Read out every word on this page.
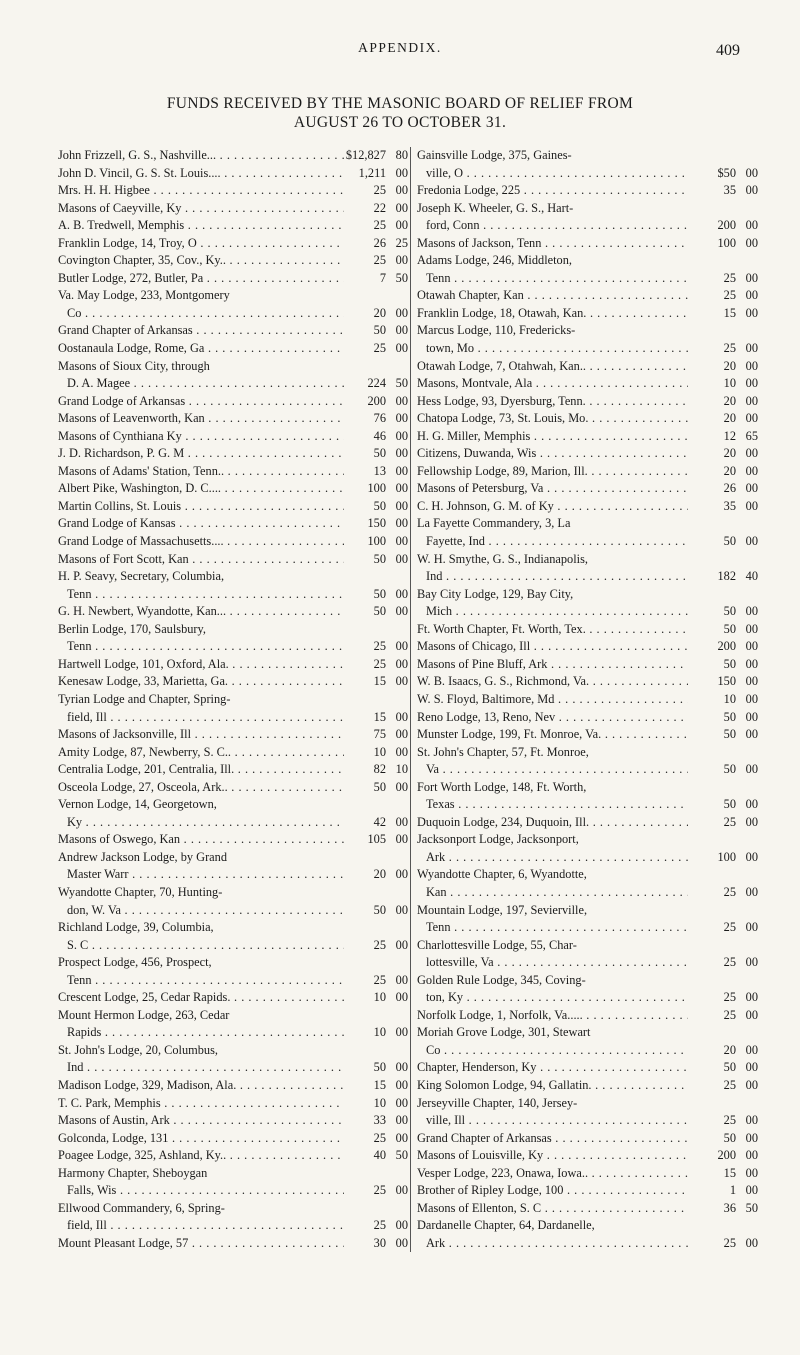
APPENDIX.	409
FUNDS RECEIVED BY THE MASONIC BOARD OF RELIEF FROM
AUGUST 26 TO OCTOBER 31.
John Frizzell, G. S., Nashville... . . .	$12,827 80
John D. Vincil, G. S. St. Louis.... . . .	1,211 00
Mrs. H. H. Higbee . . .	25 00
Masons of Caeyville, Ky . . .	22 00
A. B. Tredwell, Memphis . . .	25 00
Franklin Lodge, 14, Troy, O . . .	26 25
Covington Chapter, 35, Cov., Ky.. . . .	25 00
Butler Lodge, 272, Butler, Pa . . .	7 50
Va. May Lodge, 233, Montgomery
Co . . .	20 00
Grand Chapter of Arkansas . . .	50 00
Oostanaula Lodge, Rome, Ga . . .	25 00
Masons of Sioux City, through
D. A. Magee . . .	224 50
Grand Lodge of Arkansas . . .	200 00
Masons of Leavenworth, Kan . . .	76 00
Masons of Cynthiana Ky . . .	46 00
J. D. Richardson, P. G. M . . .	50 00
Masons of Adams' Station, Tenn.. . . .	13 00
Albert Pike, Washington, D. C.... . . .	100 00
Martin Collins, St. Louis . . .	50 00
Grand Lodge of Kansas . . .	150 00
Grand Lodge of Massachusetts.... . . .	100 00
Masons of Fort Scott, Kan . . .	50 00
H. P. Seavy, Secretary, Columbia,
Tenn . . .	50 00
G. H. Newbert, Wyandotte, Kan... . . .	50 00
Berlin Lodge, 170, Saulsbury,
Tenn . . .	25 00
Hartwell Lodge, 101, Oxford, Ala. . . .	25 00
Kenesaw Lodge, 33, Marietta, Ga. . . .	15 00
Tyrian Lodge and Chapter, Spring-
field, Ill . . .	15 00
Masons of Jacksonville, Ill . . .	75 00
Amity Lodge, 87, Newberry, S. C.. . . .	10 00
Centralia Lodge, 201, Centralia, Ill. . . .	82 10
Osceola Lodge, 27, Osceola, Ark.. . . .	50 00
Vernon Lodge, 14, Georgetown,
Ky . . .	42 00
Masons of Oswego, Kan . . .	105 00
Andrew Jackson Lodge, by Grand
Master Warr . . .	20 00
Wyandotte Chapter, 70, Hunting-
don, W. Va . . .	50 00
Richland Lodge, 39, Columbia,
S. C . . .	25 00
Prospect Lodge, 456, Prospect,
Tenn . . .	25 00
Crescent Lodge, 25, Cedar Rapids. . . .	10 00
Mount Hermon Lodge, 263, Cedar
Rapids . . .	10 00
St. John's Lodge, 20, Columbus,
Ind . . .	50 00
Madison Lodge, 329, Madison, Ala. . . .	15 00
T. C. Park, Memphis . . .	10 00
Masons of Austin, Ark . . .	33 00
Golconda, Lodge, 131 . . .	25 00
Poagee Lodge, 325, Ashland, Ky.. . . .	40 50
Harmony Chapter, Sheboygan
Falls, Wis . . .	25 00
Ellwood Commandery, 6, Spring-
field, Ill . . .	25 00
Mount Pleasant Lodge, 57 . . .	30 00
Gainsville Lodge, 375, Gaines-
ville, O . . .	$50 00
Fredonia Lodge, 225 . . .	35 00
Joseph K. Wheeler, G. S., Hart-
ford, Conn . . .	200 00
Masons of Jackson, Tenn . . .	100 00
Adams Lodge, 246, Middleton,
Tenn . . .	25 00
Otawah Chapter, Kan . . .	25 00
Franklin Lodge, 18, Otawah, Kan. . . .	15 00
Marcus Lodge, 110, Fredericks-
town, Mo . . .	25 00
Otawah Lodge, 7, Otahwah, Kan.. . . .	20 00
Masons, Montvale, Ala . . .	10 00
Hess Lodge, 93, Dyersburg, Tenn. . . .	20 00
Chatopa Lodge, 73, St. Louis, Mo. . . .	20 00
H. G. Miller, Memphis . . .	12 65
Citizens, Duwanda, Wis . . .	20 00
Fellowship Lodge, 89, Marion, Ill. . . .	20 00
Masons of Petersburg, Va . . .	26 00
C. H. Johnson, G. M. of Ky . . .	35 00
La Fayette Commandery, 3, La
Fayette, Ind . . .	50 00
W. H. Smythe, G. S., Indianapolis,
Ind . . .	182 40
Bay City Lodge, 129, Bay City,
Mich . . .	50 00
Ft. Worth Chapter, Ft. Worth, Tex. . . .	50 00
Masons of Chicago, Ill . . .	200 00
Masons of Pine Bluff, Ark . . .	50 00
W. B. Isaacs, G. S., Richmond, Va. . . .	150 00
W. S. Floyd, Baltimore, Md . . .	10 00
Reno Lodge, 13, Reno, Nev . . .	50 00
Munster Lodge, 199, Ft. Monroe, Va. . . .	50 00
St. John's Chapter, 57, Ft. Monroe,
Va . . .	50 00
Fort Worth Lodge, 148, Ft. Worth,
Texas . . .	50 00
Duquoin Lodge, 234, Duquoin, Ill. . . .	25 00
Jacksonport Lodge, Jacksonport,
Ark . . .	100 00
Wyandotte Chapter, 6, Wyandotte,
Kan . . .	25 00
Mountain Lodge, 197, Sevierville,
Tenn . . .	25 00
Charlottesville Lodge, 55, Char-
lottesville, Va . . .	25 00
Golden Rule Lodge, 345, Coving-
ton, Ky . . .	25 00
Norfolk Lodge, 1, Norfolk, Va..... . . .	25 00
Moriah Grove Lodge, 301, Stewart
Co . . .	20 00
Chapter, Henderson, Ky . . .	50 00
King Solomon Lodge, 94, Gallatin. . . .	25 00
Jerseyville Chapter, 140, Jersey-
ville, Ill . . .	25 00
Grand Chapter of Arkansas . . .	50 00
Masons of Louisville, Ky . . .	200 00
Vesper Lodge, 223, Onawa, Iowa.. . . .	15 00
Brother of Ripley Lodge, 100 . . .	1 00
Masons of Ellenton, S. C . . .	36 50
Dardanelle Chapter, 64, Dardanelle,
Ark . . .	25 00
